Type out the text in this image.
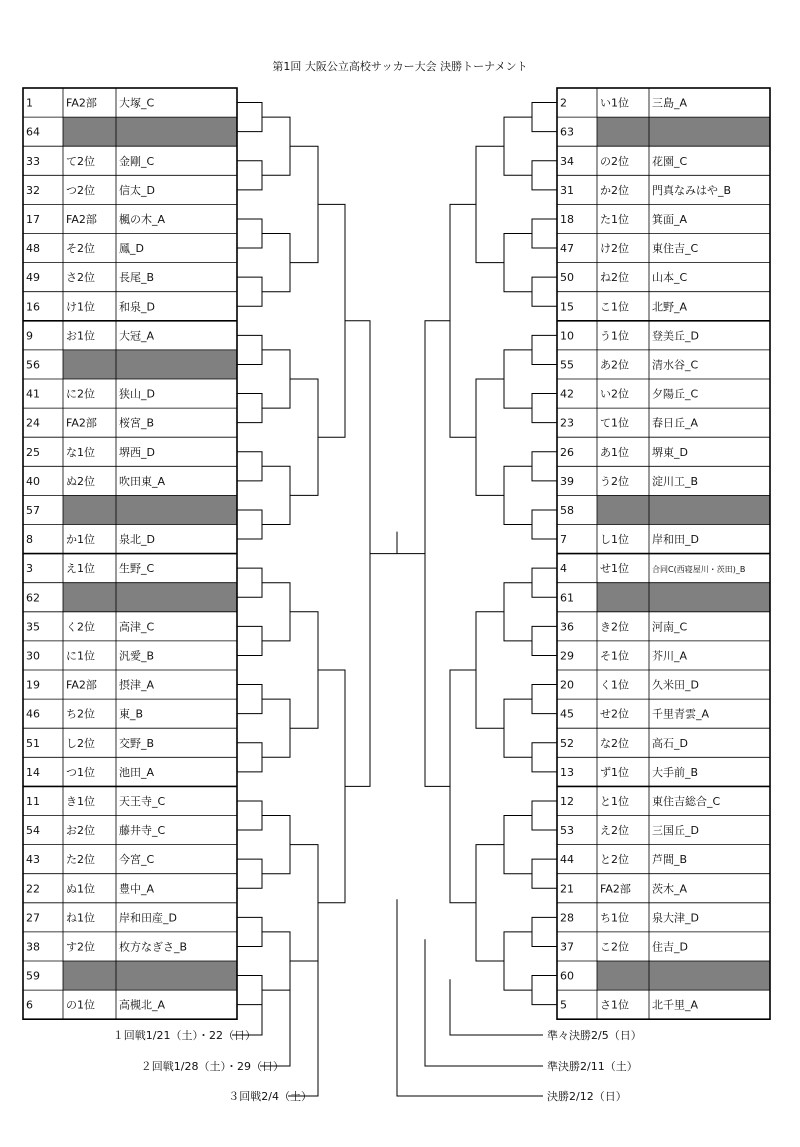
第1回 大阪公立高校サッカー大会 決勝トーナメント
1	FA2部 大塚_C
64
33 て2位 金剛_C
32 つ2位 信太_D
17 FA2部 楓の木_A
48 そ2位 鳳_D
49 さ2位 長尾_B
16 け1位 和泉_D
9	お1位 大冠_A
56
41 に2位 狭山_D
24 FA2部 桜宮_B
25 な1位 堺西_D
40 ぬ2位 吹田東_A
57
8	か1位 泉北_D
3	え1位 生野_C
62
35 く2位 高津_C
30 に1位 汎愛_B
19 FA2部 摂津_A
46 ち2位 東_B
51 し2位 交野_B
14 つ1位 池田_A
11 き1位 天王寺_C
54 お2位 藤井寺_C
43 た2位 今宮_C
22 ぬ1位 豊中_A
27 ね1位 岸和田産_D
38 す2位 枚方なぎさ_B
59
6	の1位 高槻北_A
2	い1位 三島_A
63
34 の2位 花園_C
31 か2位 門真なみはや_B
18 た1位 箕面_A
47 け2位 東住吉_C
50 ね2位 山本_C
15 こ1位 北野_A
10 う1位 登美丘_D
55 あ2位 清水谷_C
42 い2位 夕陽丘_C
23 て1位 春日丘_A
26 あ1位 堺東_D
39 う2位 淀川工_B
58
7	し1位 岸和田_D
4	せ1位	合同C(西寝屋川・茨田)_B
61
36 き2位 河南_C
29 そ1位 芥川_A
20 く1位 久米田_D
45 せ2位 千里青雲_A
52 な2位 高石_D
13 ず1位 大手前_B
12 と1位 東住吉総合_C
53 え2位 三国丘_D
44 と2位 芦間_B
21 FA2部 茨木_A
28 ち1位 泉大津_D
37 こ2位 住吉_D
60
5	さ1位 北千里_A
１回戦1/21（土）・22（日）
２回戦1/28（土）・29（日）
３回戦2/4（土）
準々決勝2/5（日）
準決勝2/11（土）
決勝2/12（日）
